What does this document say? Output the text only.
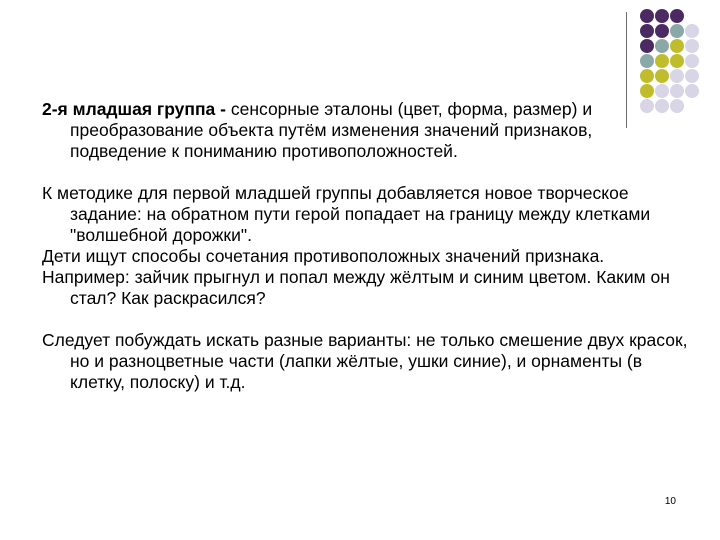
2-я младшая группа - сенсорные эталоны (цвет, форма, размер) и преобразование объекта путём изменения значений признаков, подведение к пониманию противоположностей.

К методике для первой младшей группы добавляется новое творческое задание: на обратном пути герой попадает на границу между клетками "волшебной дорожки".

Дети ищут способы сочетания противоположных значений признака.

Например: зайчик прыгнул и попал между жёлтым и синим цветом. Каким он стал? Как раскрасился?

Следует побуждать искать разные варианты: не только смешение двух красок, но и разноцветные части (лапки жёлтые, ушки синие), и орнаменты (в клетку, полоску) и т.д.

10
